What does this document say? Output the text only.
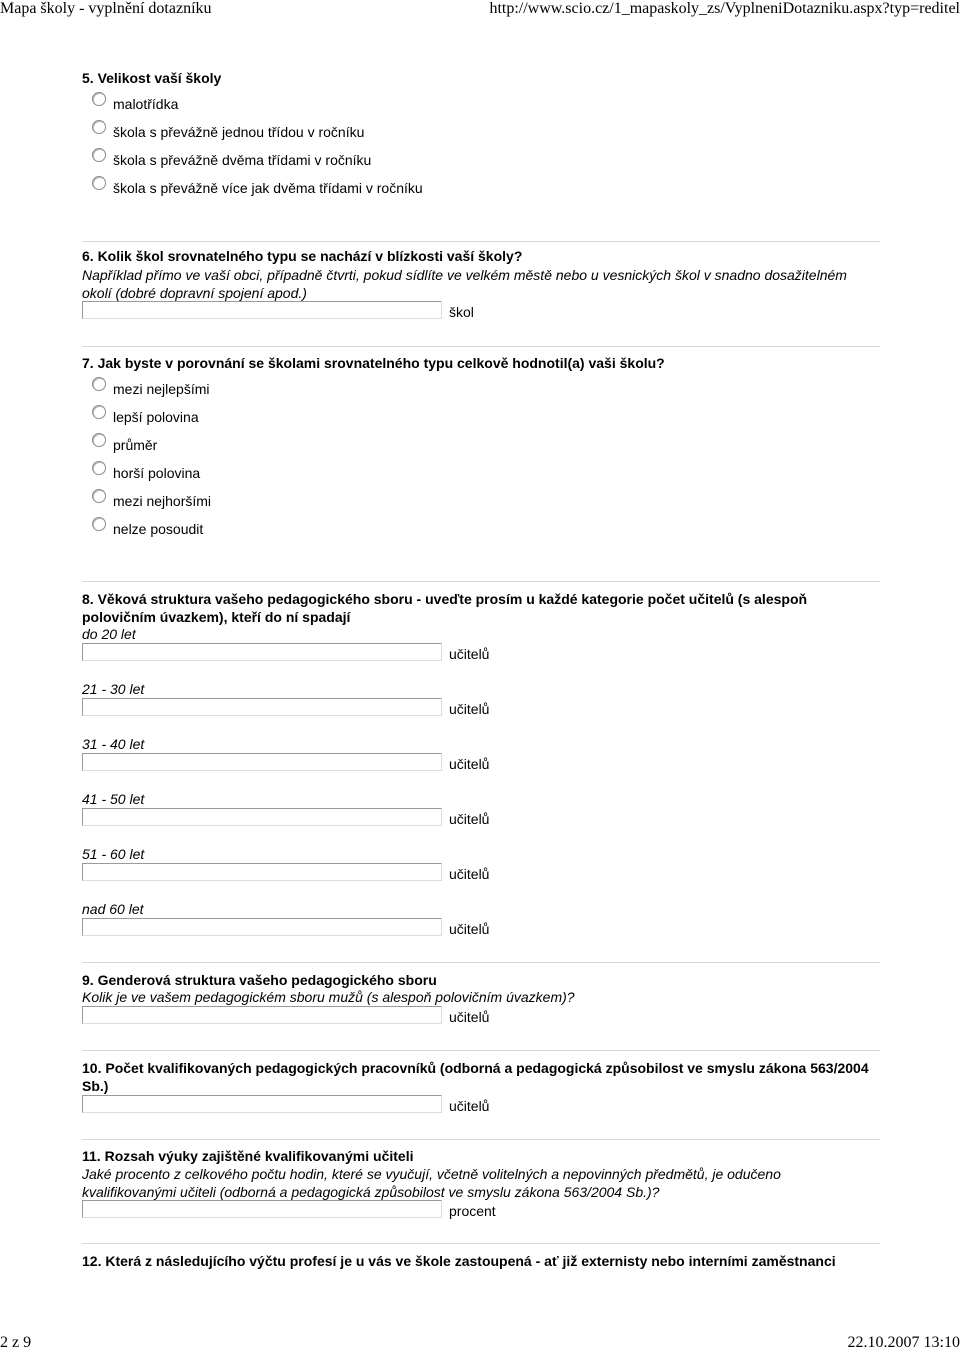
Mapa školy - vyplnění dotazníku	http://www.scio.cz/1_mapaskoly_zs/VyplneniDotazniku.aspx?typ=reditel
5. Velikost vaší školy
malotřídka
škola s převážně jednou třídou v ročníku
škola s převážně dvěma třídami v ročníku
škola s převážně více jak dvěma třídami v ročníku
6. Kolik škol srovnatelného typu se nachází v blízkosti vaší školy?
Například přímo ve vaší obci, případně čtvrti, pokud sídlíte ve velkém městě nebo u vesnických škol v snadno dosažitelném okolí (dobré dopravní spojení apod.)
škol
7. Jak byste v porovnání se školami srovnatelného typu celkově hodnotil(a) vaši školu?
mezi nejlepšími
lepší polovina
průměr
horší polovina
mezi nejhoršími
nelze posoudit
8. Věková struktura vašeho pedagogického sboru - uveďte prosím u každé kategorie počet učitelů (s alespoň polovičním úvazkem), kteří do ní spadají
do 20 let
učitelů
21 - 30 let
učitelů
31 - 40 let
učitelů
41 - 50 let
učitelů
51 - 60 let
učitelů
nad 60 let
učitelů
9. Genderová struktura vašeho pedagogického sboru
Kolik je ve vašem pedagogickém sboru mužů (s alespoň polovičním úvazkem)?
učitelů
10. Počet kvalifikovaných pedagogických pracovníků (odborná a pedagogická způsobilost ve smyslu zákona 563/2004 Sb.)
učitelů
11. Rozsah výuky zajištěné kvalifikovanými učiteli
Jaké procento z celkového počtu hodin, které se vyučují, včetně volitelných a nepovinných předmětů, je odučeno kvalifikovanými učiteli (odborná a pedagogická způsobilost ve smyslu zákona 563/2004 Sb.)?
procent
12. Která z následujícího výčtu profesí je u vás ve škole zastoupená - ať již externisty nebo interními zaměstnanci
2 z 9	22.10.2007 13:10
